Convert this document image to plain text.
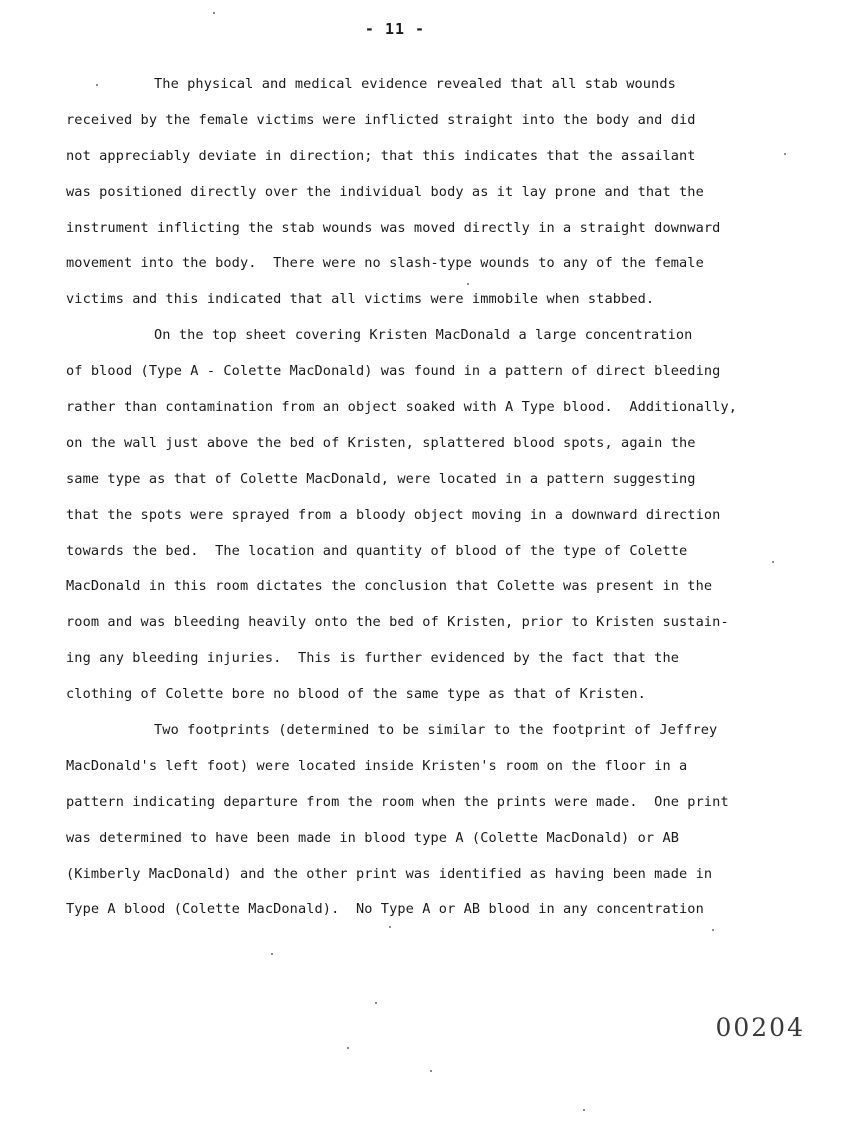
- 11 -
The physical and medical evidence revealed that all stab wounds
received by the female victims were inflicted straight into the body and did
not appreciably deviate in direction; that this indicates that the assailant
was positioned directly over the individual body as it lay prone and that the
instrument inflicting the stab wounds was moved directly in a straight downward
movement into the body.  There were no slash-type wounds to any of the female
victims and this indicated that all victims were immobile when stabbed.
On the top sheet covering Kristen MacDonald a large concentration
of blood (Type A - Colette MacDonald) was found in a pattern of direct bleeding
rather than contamination from an object soaked with A Type blood.  Additionally,
on the wall just above the bed of Kristen, splattered blood spots, again the
same type as that of Colette MacDonald, were located in a pattern suggesting
that the spots were sprayed from a bloody object moving in a downward direction
towards the bed.  The location and quantity of blood of the type of Colette
MacDonald in this room dictates the conclusion that Colette was present in the
room and was bleeding heavily onto the bed of Kristen, prior to Kristen sustain-
ing any bleeding injuries.  This is further evidenced by the fact that the
clothing of Colette bore no blood of the same type as that of Kristen.
Two footprints (determined to be similar to the footprint of Jeffrey
MacDonald's left foot) were located inside Kristen's room on the floor in a
pattern indicating departure from the room when the prints were made.  One print
was determined to have been made in blood type A (Colette MacDonald) or AB
(Kimberly MacDonald) and the other print was identified as having been made in
Type A blood (Colette MacDonald).  No Type A or AB blood in any concentration
00204
